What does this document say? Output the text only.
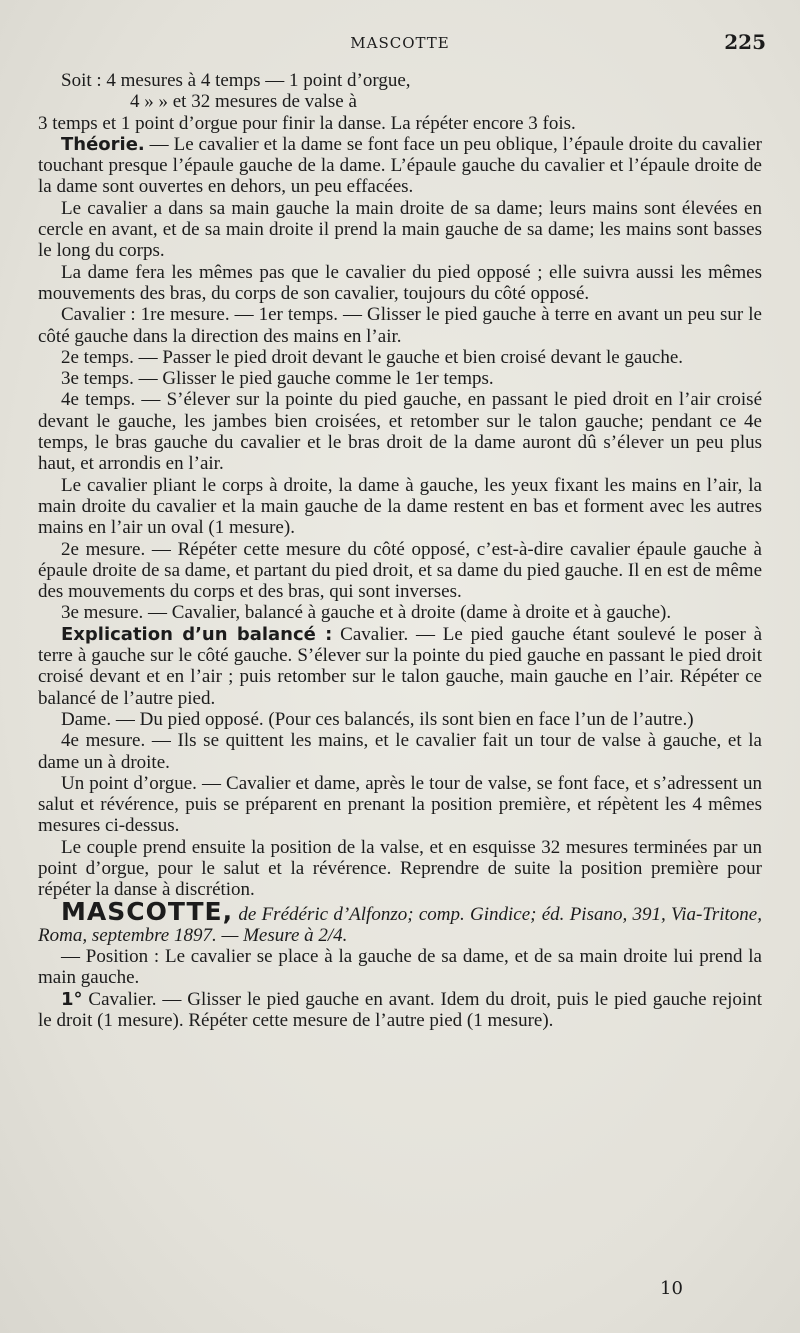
MASCOTTE	225

Soit : 4 mesures à 4 temps — 1 point d’orgue,

4 » » et 32 mesures de valse à

3 temps et 1 point d’orgue pour finir la danse. La répéter encore 3 fois.

Théorie. — Le cavalier et la dame se font face un peu oblique, l’épaule droite du cavalier touchant presque l’épaule gauche de la dame. L’épaule gauche du cavalier et l’épaule droite de la dame sont ouvertes en dehors, un peu effacées.

Le cavalier a dans sa main gauche la main droite de sa dame; leurs mains sont élevées en cercle en avant, et de sa main droite il prend la main gauche de sa dame; les mains sont basses le long du corps.

La dame fera les mêmes pas que le cavalier du pied opposé ; elle suivra aussi les mêmes mouvements des bras, du corps de son cavalier, toujours du côté opposé.

Cavalier : 1re mesure. — 1er temps. — Glisser le pied gauche à terre en avant un peu sur le côté gauche dans la direction des mains en l’air.

2e temps. — Passer le pied droit devant le gauche et bien croisé devant le gauche.

3e temps. — Glisser le pied gauche comme le 1er temps.

4e temps. — S’élever sur la pointe du pied gauche, en passant le pied droit en l’air croisé devant le gauche, les jambes bien croisées, et retomber sur le talon gauche; pendant ce 4e temps, le bras gauche du cavalier et le bras droit de la dame auront dû s’élever un peu plus haut, et arrondis en l’air.

Le cavalier pliant le corps à droite, la dame à gauche, les yeux fixant les mains en l’air, la main droite du cavalier et la main gauche de la dame restent en bas et forment avec les autres mains en l’air un oval (1 mesure).

2e mesure. — Répéter cette mesure du côté opposé, c’est-à-dire cavalier épaule gauche à épaule droite de sa dame, et partant du pied droit, et sa dame du pied gauche. Il en est de même des mouvements du corps et des bras, qui sont inverses.

3e mesure. — Cavalier, balancé à gauche et à droite (dame à droite et à gauche).

Explication d’un balancé : Cavalier. — Le pied gauche étant soulevé le poser à terre à gauche sur le côté gauche. S’élever sur la pointe du pied gauche en passant le pied droit croisé devant et en l’air ; puis retomber sur le talon gauche, main gauche en l’air. Répéter ce balancé de l’autre pied.

Dame. — Du pied opposé. (Pour ces balancés, ils sont bien en face l’un de l’autre.)

4e mesure. — Ils se quittent les mains, et le cavalier fait un tour de valse à gauche, et la dame un à droite.

Un point d’orgue. — Cavalier et dame, après le tour de valse, se font face, et s’adressent un salut et révérence, puis se préparent en prenant la position première, et répètent les 4 mêmes mesures ci-dessus.

Le couple prend ensuite la position de la valse, et en esquisse 32 mesures terminées par un point d’orgue, pour le salut et la révérence. Reprendre de suite la position première pour répéter la danse à discrétion.

MASCOTTE, de Frédéric d’Alfonzo; comp. Gindice; éd. Pisano, 391, Via-Tritone, Roma, septembre 1897. — Mesure à 2/4.

— Position : Le cavalier se place à la gauche de sa dame, et de sa main droite lui prend la main gauche.

1° Cavalier. — Glisser le pied gauche en avant. Idem du droit, puis le pied gauche rejoint le droit (1 mesure). Répéter cette mesure de l’autre pied (1 mesure).

10
